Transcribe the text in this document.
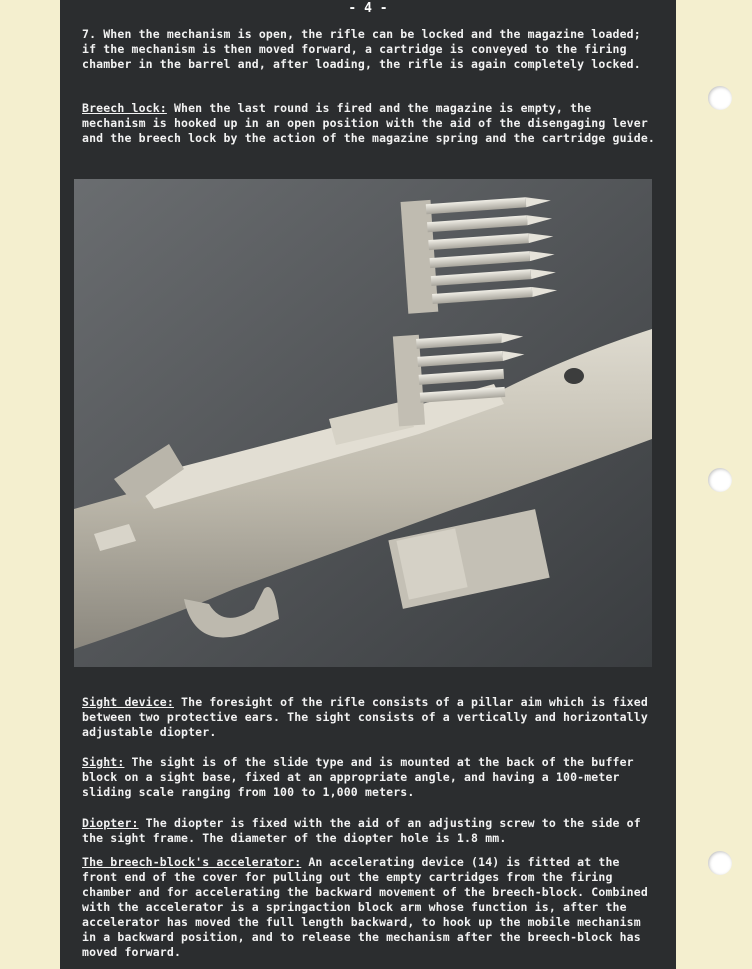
- 4 -

7. When the mechanism is open, the rifle can be locked and the magazine loaded; if the mechanism is then moved forward, a cartridge is conveyed to the firing chamber in the barrel and, after loading, the rifle is again completely locked.

Breech lock: When the last round is fired and the magazine is empty, the mechanism is hooked up in an open position with the aid of the disengaging lever and the breech lock by the action of the magazine spring and the cartridge guide.

Sight device: The foresight of the rifle consists of a pillar aim which is fixed between two protective ears. The sight consists of a vertically and horizontally adjustable diopter.

Sight: The sight is of the slide type and is mounted at the back of the buffer block on a sight base, fixed at an appropriate angle, and having a 100-meter sliding scale ranging from 100 to 1,000 meters.

Diopter: The diopter is fixed with the aid of an adjusting screw to the side of the sight frame. The diameter of the diopter hole is 1.8 mm.

The breech-block's accelerator: An accelerating device (14) is fitted at the front end of the cover for pulling out the empty cartridges from the firing chamber and for accelerating the backward movement of the breech-block. Combined with the accelerator is a springaction block arm whose function is, after the accelerator has moved the full length backward, to hook up the mobile mechanism in a backward position, and to release the mechanism after the breech-block has moved forward.
